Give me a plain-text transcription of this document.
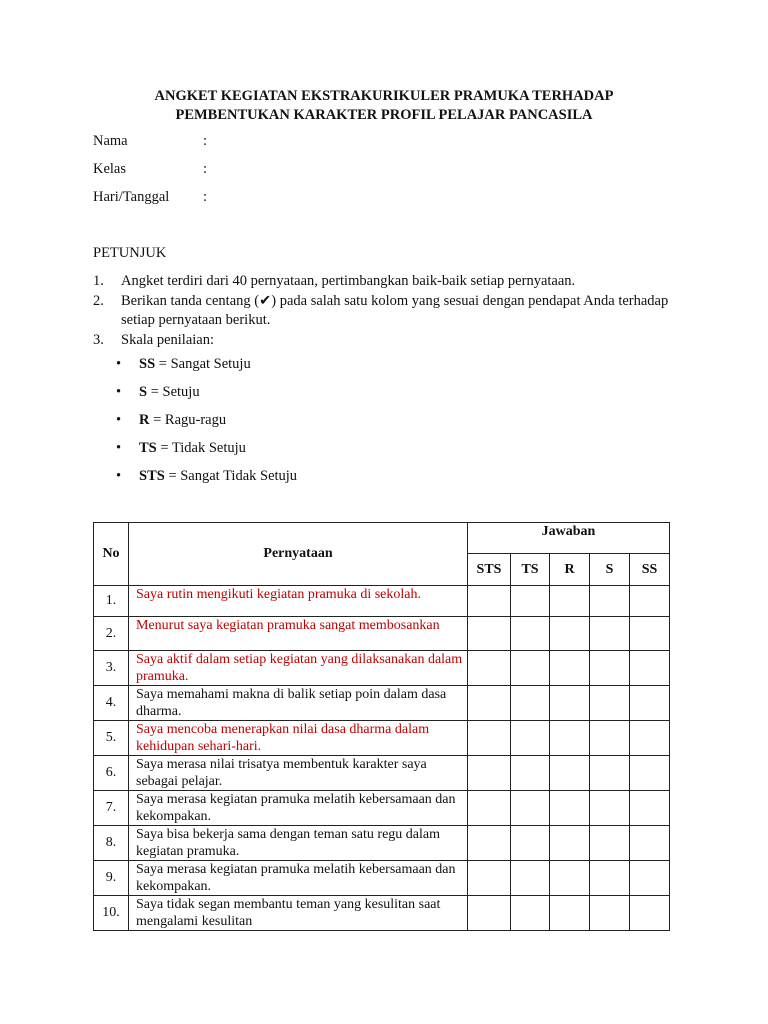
ANGKET KEGIATAN EKSTRAKURIKULER PRAMUKA TERHADAP
PEMBENTUKAN KARAKTER PROFIL PELAJAR PANCASILA
Nama	:
Kelas	:
Hari/Tanggal :
PETUNJUK
1. Angket terdiri dari 40 pernyataan, pertimbangkan baik-baik setiap pernyataan.
2. Berikan tanda centang (✔) pada salah satu kolom yang sesuai dengan pendapat Anda terhadap setiap pernyataan berikut.
3. Skala penilaian:
• SS = Sangat Setuju
• S = Setuju
• R = Ragu-ragu
• TS = Tidak Setuju
• STS = Sangat Tidak Setuju
No	Pernyataan	Jawaban				
		STS	TS	R	S	SS
1.	Saya rutin mengikuti kegiatan pramuka di sekolah.					
2.	Menurut saya kegiatan pramuka sangat membosankan					
3.	Saya aktif dalam setiap kegiatan yang dilaksanakan dalam pramuka.					
4.	Saya memahami makna di balik setiap poin dalam dasa dharma.					
5.	Saya mencoba menerapkan nilai dasa dharma dalam kehidupan sehari-hari.					
6.	Saya merasa nilai trisatya membentuk karakter saya sebagai pelajar.					
7.	Saya merasa kegiatan pramuka melatih kebersamaan dan kekompakan.					
8.	Saya bisa bekerja sama dengan teman satu regu dalam kegiatan pramuka.					
9.	Saya merasa kegiatan pramuka melatih kebersamaan dan kekompakan.					
10.	Saya tidak segan membantu teman yang kesulitan saat mengalami kesulitan					
